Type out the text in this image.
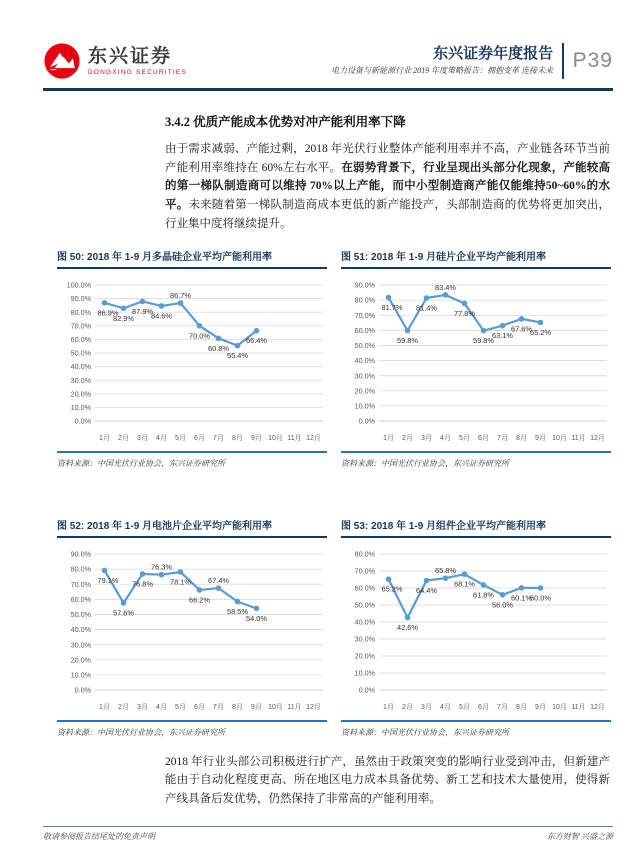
东兴证券
DONGXING SECURITIES
东兴证券年度报告
电力设备与新能源行业 2019 年度策略报告：拥抱变革 连接未来 P39
3.4.2 优质产能成本优势对冲产能利用率下降

由于需求减弱、产能过剩，2018 年光伏行业整体产能利用率并不高，产业链各环节当前产能利用率维持在 60%左右水平。在弱势背景下，行业呈现出头部分化现象，产能较高的第一梯队制造商可以维持 70%以上产能，而中小型制造商产能仅能维持50~60%的水平。未来随着第一梯队制造商成本更低的新产能投产，头部制造商的优势将更加突出，行业集中度将继续提升。

图 50: 2018 年 1-9 月多晶硅企业平均产能利用率
0.0%
10.0%
20.0%
30.0%
40.0%
50.0%
60.0%
70.0%
80.0%
90.0%
100.0%
1月 2月 3月 4月 5月 6月 7月 8月 9月 10月 11月 12月
86.9%
82.9%
87.9%
84.6%
86.7%
70.0%
60.8%
55.4%
66.4%
资料来源：中国光伏行业协会，东兴证券研究所
图 51: 2018 年 1-9 月硅片企业平均产能利用率
0.0%
10.0%
20.0%
30.0%
40.0%
50.0%
60.0%
70.0%
80.0%
90.0%
1月 2月 3月 4月 5月 6月 7月 8月 9月 10月 11月 12月
81.7%
59.8%
81.4%
83.4%
77.8%
59.8%
63.1%
67.6%
65.2%
资料来源：中国光伏行业协会，东兴证券研究所
图 52: 2018 年 1-9 月电池片企业平均产能利用率
0.0%
10.0%
20.0%
30.0%
40.0%
50.0%
60.0%
70.0%
80.0%
90.0%
1月 2月 3月 4月 5月 6月 7月 8月 9月 10月 11月 12月
79.1%
57.6%
76.8%
76.3%
78.1%
66.2%
67.4%
58.5%
54.0%
资料来源：中国光伏行业协会，东兴证券研究所
图 53: 2018 年 1-9 月组件企业平均产能利用率
0.0%
10.0%
20.0%
30.0%
40.0%
50.0%
60.0%
70.0%
80.0%
1月 2月 3月 4月 5月 6月 7月 8月 9月 10月 11月 12月
65.2%
42.6%
64.4%
65.8%
68.1%
61.8%
56.0%
60.1%
60.0%
资料来源：中国光伏行业协会，东兴证券研究所

2018 年行业头部公司积极进行扩产，虽然由于政策突变的影响行业受到冲击，但新建产能由于自动化程度更高、所在地区电力成本具备优势、新工艺和技术大量使用，使得新产线具备后发优势，仍然保持了非常高的产能利用率。

敬请参阅报告结尾处的免责声明	东方财智 兴盛之源
